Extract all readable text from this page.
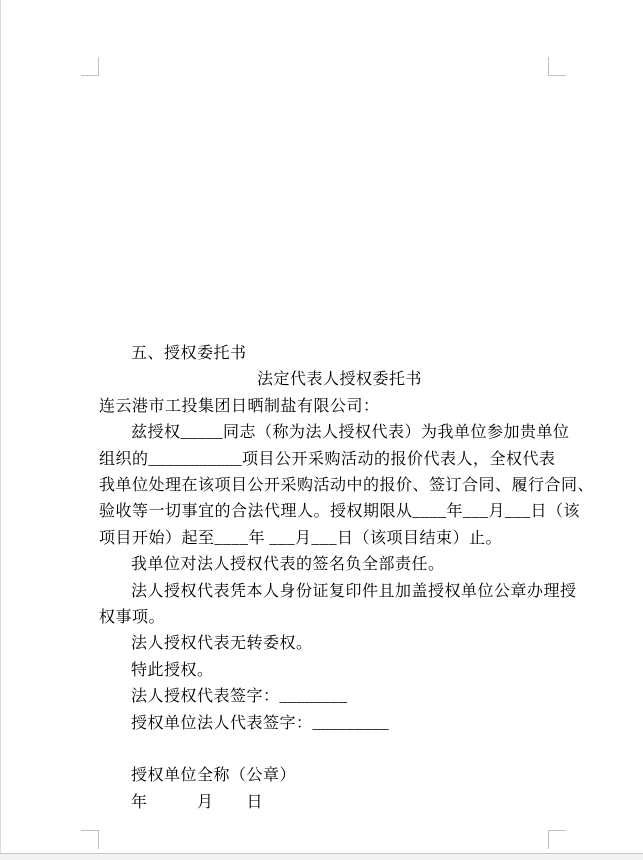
五、授权委托书
法定代表人授权委托书
连云港市工投集团日晒制盐有限公司：
兹授权_____同志（称为法人授权代表）为我单位参加贵单位
组织的___________项目公开采购活动的报价代表人，全权代表
我单位处理在该项目公开采购活动中的报价、签订合同、履行合同、
验收等一切事宜的合法代理人。授权期限从____年___月___日（该
项目开始）起至____年 ___月___日（该项目结束）止。
我单位对法人授权代表的签名负全部责任。
法人授权代表凭本人身份证复印件且加盖授权单位公章办理授
权事项。
法人授权代表无转委权。
特此授权。
法人授权代表签字：________
授权单位法人代表签字：_________
授权单位全称（公章）
年　　　月　　日
